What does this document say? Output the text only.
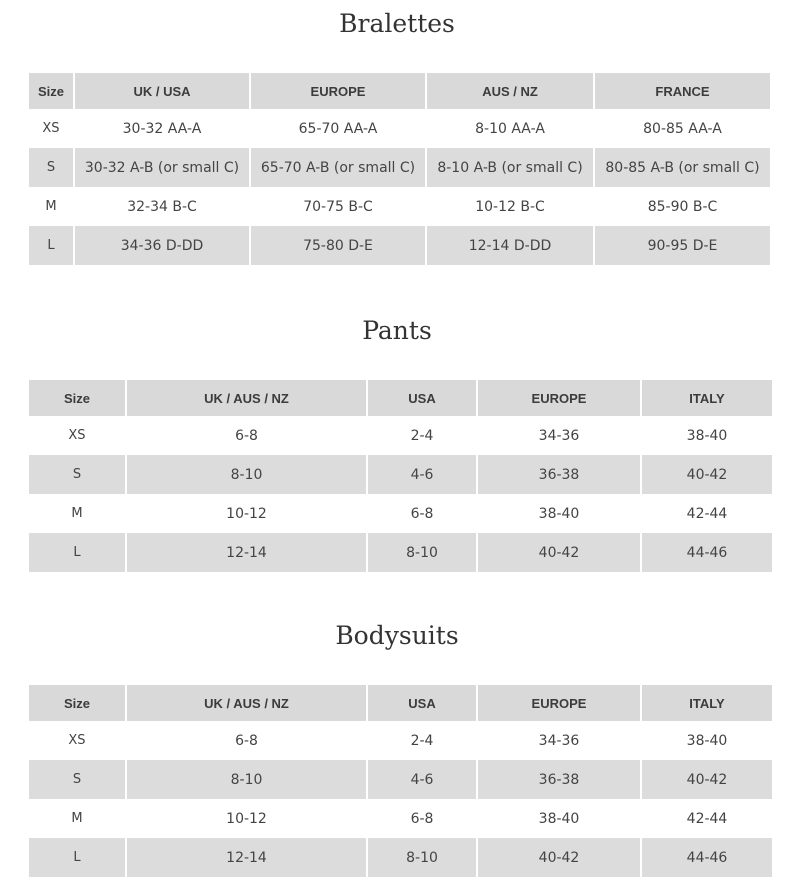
Bralettes
Size	UK / USA	EUROPE	AUS / NZ	FRANCE
XS	30-32 AA-A	65-70 AA-A	8-10 AA-A	80-85 AA-A
S	30-32 A-B (or small C)	65-70 A-B (or small C)	8-10 A-B (or small C)	80-85 A-B (or small C)
M	32-34 B-C	70-75 B-C	10-12 B-C	85-90 B-C
L	34-36 D-DD	75-80 D-E	12-14 D-DD	90-95 D-E
Pants
Size	UK / AUS / NZ	USA	EUROPE	ITALY
XS	6-8	2-4	34-36	38-40
S	8-10	4-6	36-38	40-42
M	10-12	6-8	38-40	42-44
L	12-14	8-10	40-42	44-46
Bodysuits
Size	UK / AUS / NZ	USA	EUROPE	ITALY
XS	6-8	2-4	34-36	38-40
S	8-10	4-6	36-38	40-42
M	10-12	6-8	38-40	42-44
L	12-14	8-10	40-42	44-46
